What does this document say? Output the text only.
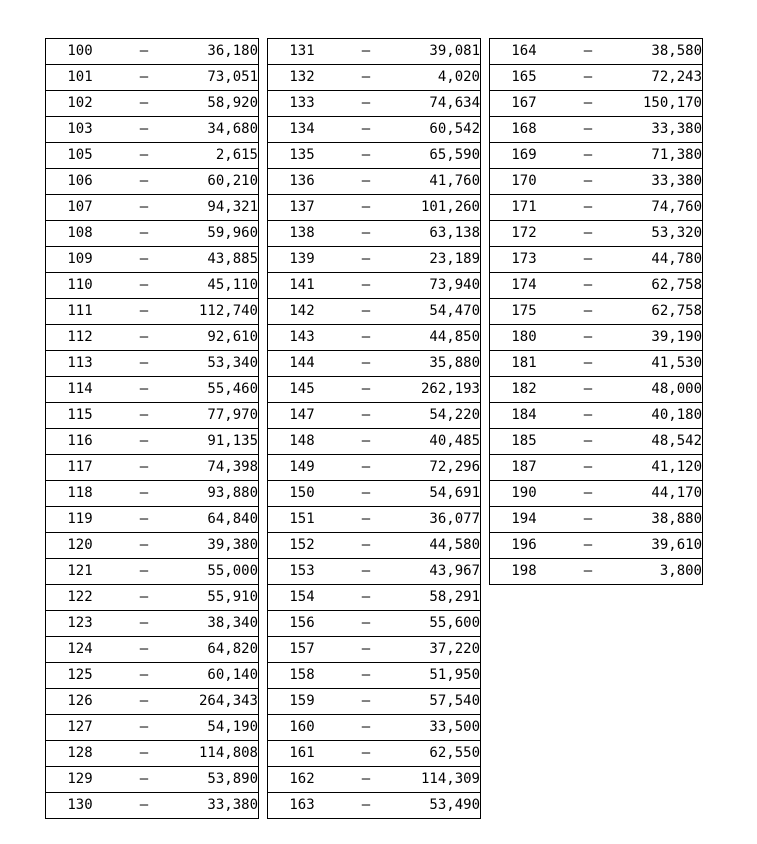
100	–	36,180
101	–	73,051
102	–	58,920
103	–	34,680
105	–	2,615
106	–	60,210
107	–	94,321
108	–	59,960
109	–	43,885
110	–	45,110
111	–	112,740
112	–	92,610
113	–	53,340
114	–	55,460
115	–	77,970
116	–	91,135
117	–	74,398
118	–	93,880
119	–	64,840
120	–	39,380
121	–	55,000
122	–	55,910
123	–	38,340
124	–	64,820
125	–	60,140
126	–	264,343
127	–	54,190
128	–	114,808
129	–	53,890
130	–	33,380
131	–	39,081
132	–	4,020
133	–	74,634
134	–	60,542
135	–	65,590
136	–	41,760
137	–	101,260
138	–	63,138
139	–	23,189
141	–	73,940
142	–	54,470
143	–	44,850
144	–	35,880
145	–	262,193
147	–	54,220
148	–	40,485
149	–	72,296
150	–	54,691
151	–	36,077
152	–	44,580
153	–	43,967
154	–	58,291
156	–	55,600
157	–	37,220
158	–	51,950
159	–	57,540
160	–	33,500
161	–	62,550
162	–	114,309
163	–	53,490
164	–	38,580
165	–	72,243
167	–	150,170
168	–	33,380
169	–	71,380
170	–	33,380
171	–	74,760
172	–	53,320
173	–	44,780
174	–	62,758
175	–	62,758
180	–	39,190
181	–	41,530
182	–	48,000
184	–	40,180
185	–	48,542
187	–	41,120
190	–	44,170
194	–	38,880
196	–	39,610
198	–	3,800
